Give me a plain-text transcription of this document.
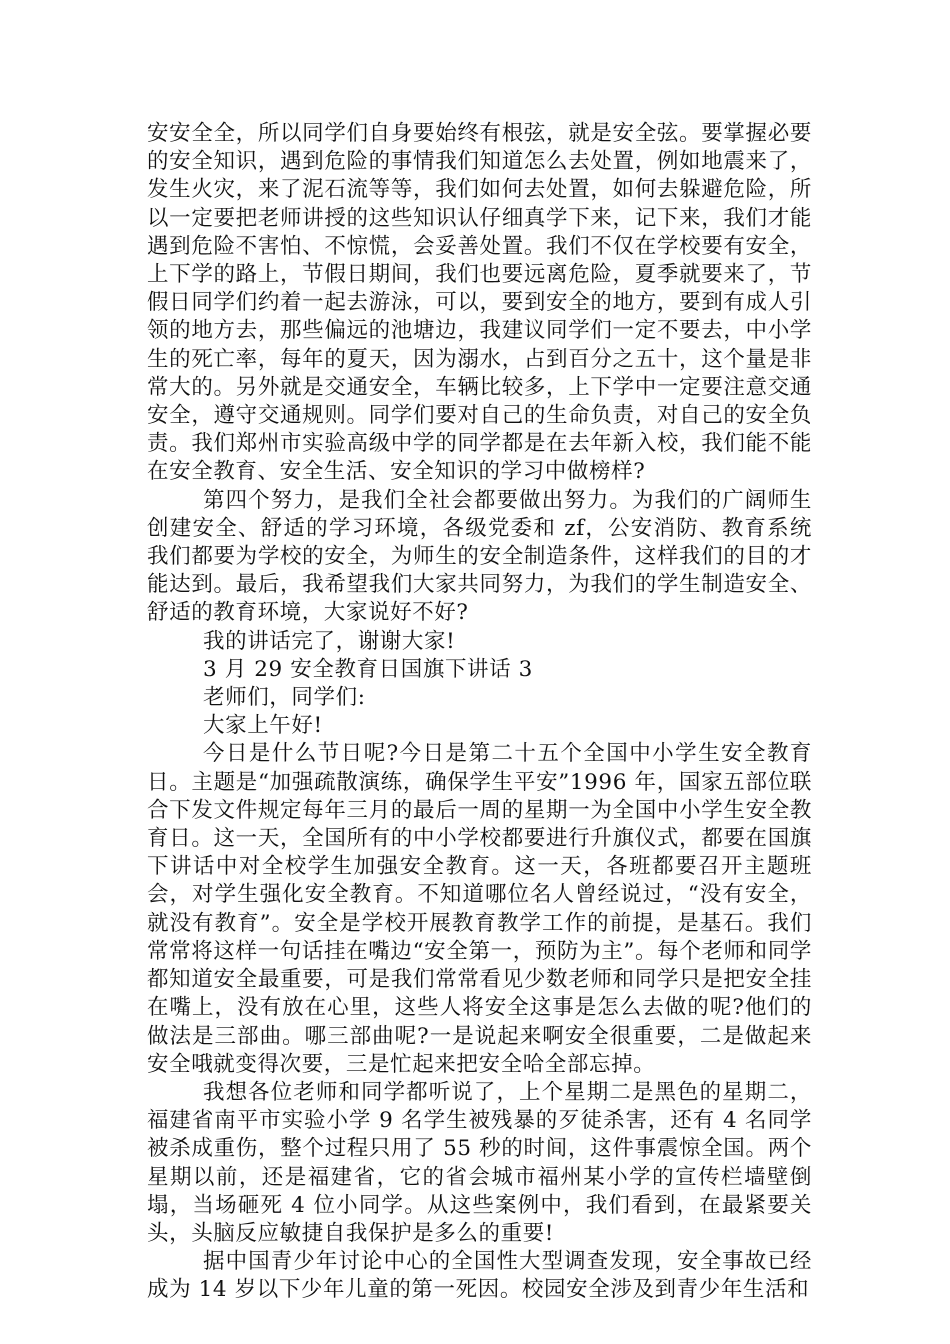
安安全全，所以同学们自身要始终有根弦，就是安全弦。要掌握必要的安全知识，遇到危险的事情我们知道怎么去处置，例如地震来了，发生火灾，来了泥石流等等，我们如何去处置，如何去躲避危险，所以一定要把老师讲授的这些知识认仔细真学下来，记下来，我们才能遇到危险不害怕、不惊慌，会妥善处置。我们不仅在学校要有安全，上下学的路上，节假日期间，我们也要远离危险，夏季就要来了，节假日同学们约着一起去游泳，可以，要到安全的地方，要到有成人引领的地方去，那些偏远的池塘边，我建议同学们一定不要去，中小学生的死亡率，每年的夏天，因为溺水，占到百分之五十，这个量是非常大的。另外就是交通安全，车辆比较多，上下学中一定要注意交通安全，遵守交通规则。同学们要对自己的生命负责，对自己的安全负责。我们郑州市实验高级中学的同学都是在去年新入校，我们能不能在安全教育、安全生活、安全知识的学习中做榜样?

第四个努力，是我们全社会都要做出努力。为我们的广阔师生创建安全、舒适的学习环境，各级党委和 zf，公安消防、教育系统我们都要为学校的安全，为师生的安全制造条件，这样我们的目的才能达到。最后，我希望我们大家共同努力，为我们的学生制造安全、舒适的教育环境，大家说好不好?

我的讲话完了，谢谢大家!

3 月 29 安全教育日国旗下讲话 3

老师们，同学们:

大家上午好!

今日是什么节日呢?今日是第二十五个全国中小学生安全教育日。主题是“加强疏散演练，确保学生平安”1996 年，国家五部位联合下发文件规定每年三月的最后一周的星期一为全国中小学生安全教育日。这一天，全国所有的中小学校都要进行升旗仪式，都要在国旗下讲话中对全校学生加强安全教育。这一天，各班都要召开主题班会，对学生强化安全教育。不知道哪位名人曾经说过，“没有安全，就没有教育”。安全是学校开展教育教学工作的前提，是基石。我们常常将这样一句话挂在嘴边“安全第一，预防为主”。每个老师和同学都知道安全最重要，可是我们常常看见少数老师和同学只是把安全挂在嘴上，没有放在心里，这些人将安全这事是怎么去做的呢?他们的做法是三部曲。哪三部曲呢?一是说起来啊安全很重要，二是做起来安全哦就变得次要，三是忙起来把安全哈全部忘掉。

我想各位老师和同学都听说了，上个星期二是黑色的星期二，福建省南平市实验小学 9 名学生被残暴的歹徒杀害，还有 4 名同学被杀成重伤，整个过程只用了 55 秒的时间，这件事震惊全国。两个星期以前，还是福建省，它的省会城市福州某小学的宣传栏墙壁倒塌，当场砸死 4 位小同学。从这些案例中，我们看到，在最紧要关头，头脑反应敏捷自我保护是多么的重要!

据中国青少年讨论中心的全国性大型调查发现，安全事故已经成为 14 岁以下少年儿童的第一死因。校园安全涉及到青少年生活和
